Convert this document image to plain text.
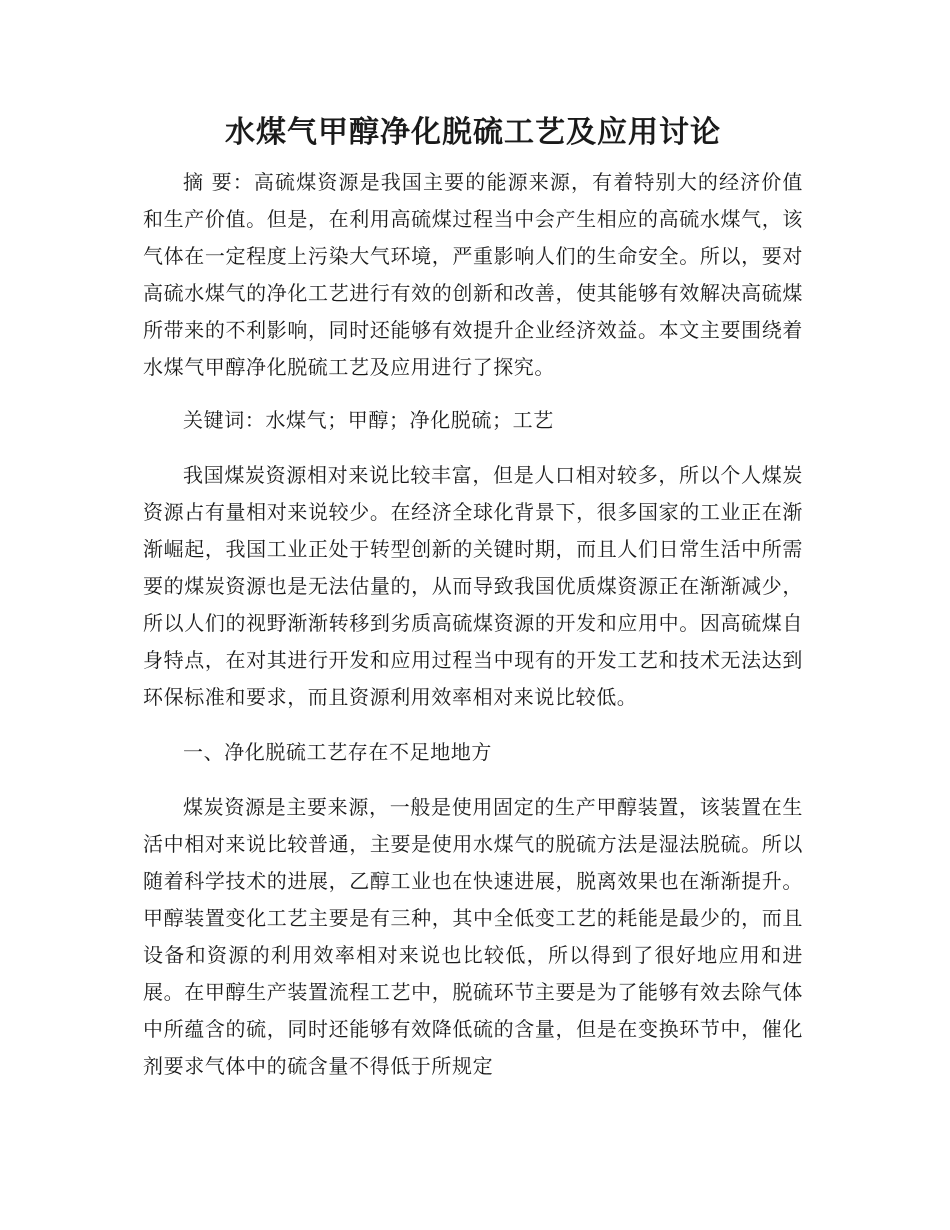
水煤气甲醇净化脱硫工艺及应用讨论

摘 要：高硫煤资源是我国主要的能源来源，有着特别大的经济价值和生产价值。但是，在利用高硫煤过程当中会产生相应的高硫水煤气，该气体在一定程度上污染大气环境，严重影响人们的生命安全。所以，要对高硫水煤气的净化工艺进行有效的创新和改善，使其能够有效解决高硫煤所带来的不利影响，同时还能够有效提升企业经济效益。本文主要围绕着水煤气甲醇净化脱硫工艺及应用进行了探究。

关键词：水煤气；甲醇；净化脱硫；工艺

我国煤炭资源相对来说比较丰富，但是人口相对较多，所以个人煤炭资源占有量相对来说较少。在经济全球化背景下，很多国家的工业正在渐渐崛起，我国工业正处于转型创新的关键时期，而且人们日常生活中所需要的煤炭资源也是无法估量的，从而导致我国优质煤资源正在渐渐减少，所以人们的视野渐渐转移到劣质高硫煤资源的开发和应用中。因高硫煤自身特点，在对其进行开发和应用过程当中现有的开发工艺和技术无法达到环保标准和要求，而且资源利用效率相对来说比较低。

一、净化脱硫工艺存在不足地地方

煤炭资源是主要来源，一般是使用固定的生产甲醇装置，该装置在生活中相对来说比较普通，主要是使用水煤气的脱硫方法是湿法脱硫。所以随着科学技术的进展，乙醇工业也在快速进展，脱离效果也在渐渐提升。甲醇装置变化工艺主要是有三种，其中全低变工艺的耗能是最少的，而且设备和资源的利用效率相对来说也比较低，所以得到了很好地应用和进展。在甲醇生产装置流程工艺中，脱硫环节主要是为了能够有效去除气体中所蕴含的硫，同时还能够有效降低硫的含量，但是在变换环节中，催化剂要求气体中的硫含量不得低于所规定
